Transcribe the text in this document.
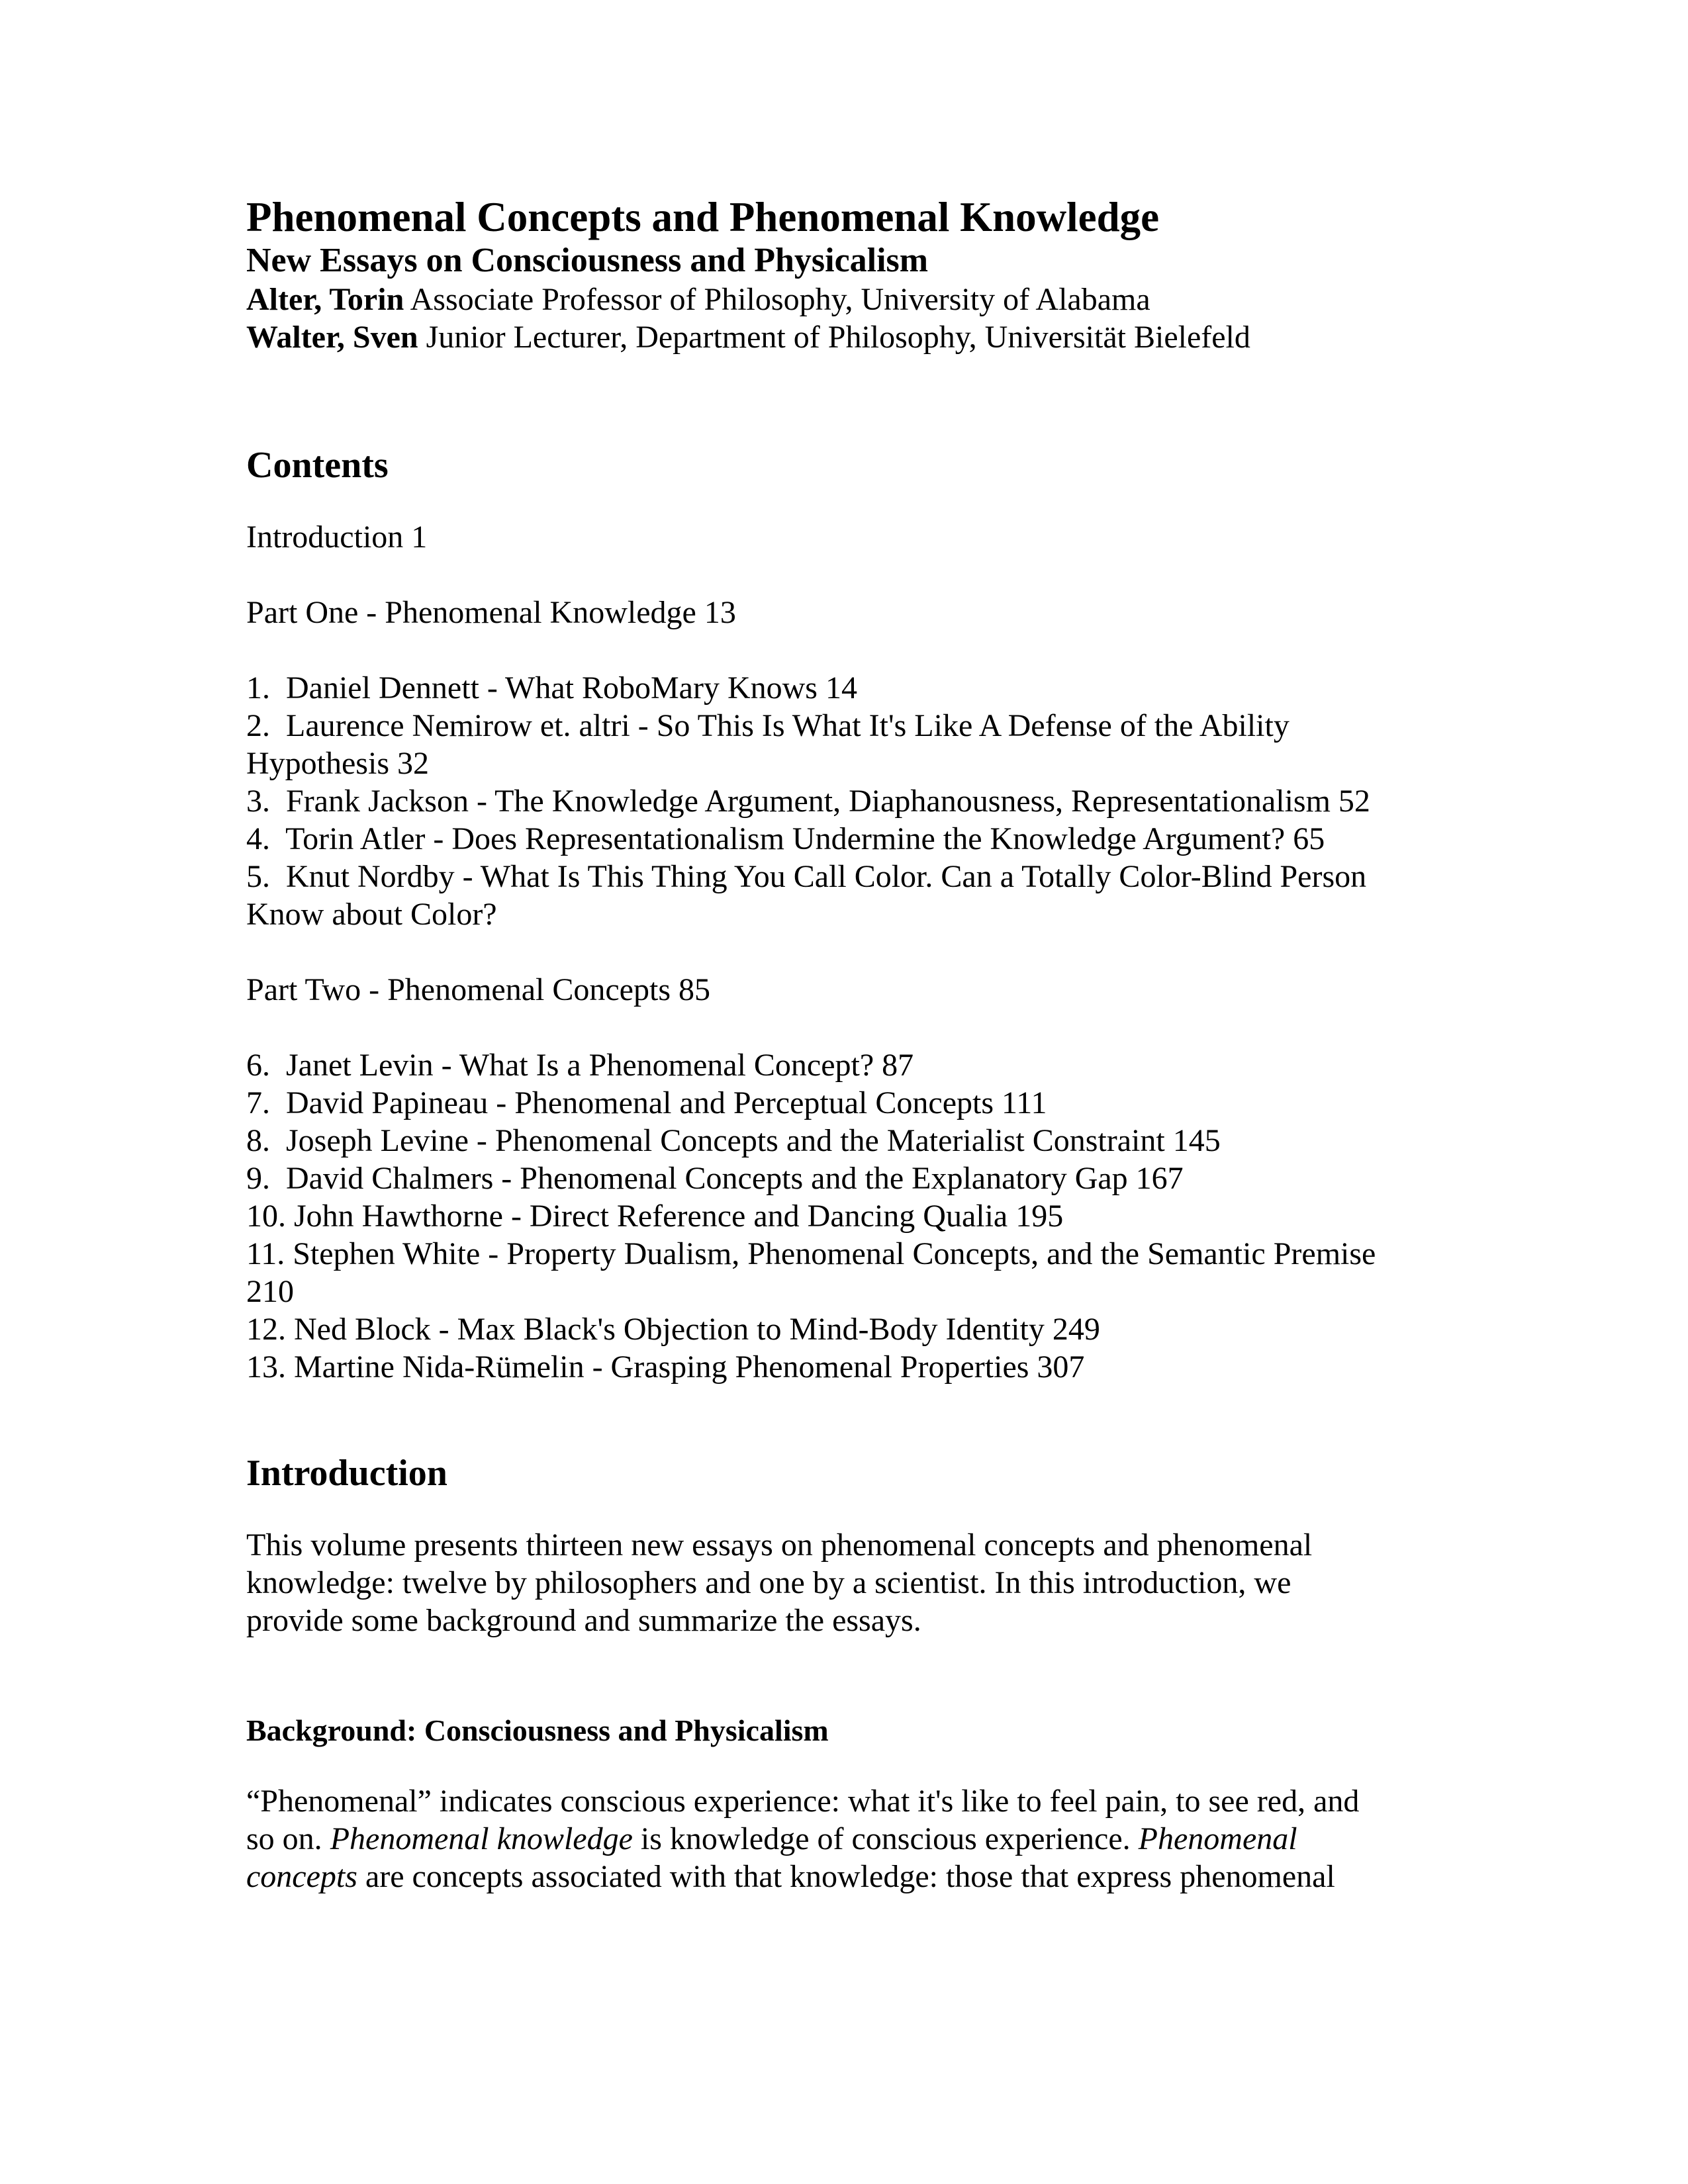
Phenomenal Concepts and Phenomenal Knowledge

New Essays on Consciousness and Physicalism

Alter, Torin Associate Professor of Philosophy, University of Alabama

Walter, Sven Junior Lecturer, Department of Philosophy, Universität Bielefeld

Contents

Introduction 1

Part One - Phenomenal Knowledge 13

1.  Daniel Dennett - What RoboMary Knows 14

2.  Laurence Nemirow et. altri - So This Is What It's Like A Defense of the Ability

Hypothesis 32

3.  Frank Jackson - The Knowledge Argument, Diaphanousness, Representationalism 52

4.  Torin Atler - Does Representationalism Undermine the Knowledge Argument? 65

5.  Knut Nordby - What Is This Thing You Call Color. Can a Totally Color-Blind Person

Know about Color?

Part Two - Phenomenal Concepts 85

6.  Janet Levin - What Is a Phenomenal Concept? 87

7.  David Papineau - Phenomenal and Perceptual Concepts 111

8.  Joseph Levine - Phenomenal Concepts and the Materialist Constraint 145

9.  David Chalmers - Phenomenal Concepts and the Explanatory Gap 167

10. John Hawthorne - Direct Reference and Dancing Qualia 195

11. Stephen White - Property Dualism, Phenomenal Concepts, and the Semantic Premise

210

12. Ned Block - Max Black's Objection to Mind-Body Identity 249

13. Martine Nida-Rümelin - Grasping Phenomenal Properties 307

Introduction

This volume presents thirteen new essays on phenomenal concepts and phenomenal

knowledge: twelve by philosophers and one by a scientist. In this introduction, we

provide some background and summarize the essays.

Background: Consciousness and Physicalism

“Phenomenal” indicates conscious experience: what it's like to feel pain, to see red, and

so on. Phenomenal knowledge is knowledge of conscious experience. Phenomenal

concepts are concepts associated with that knowledge: those that express phenomenal
